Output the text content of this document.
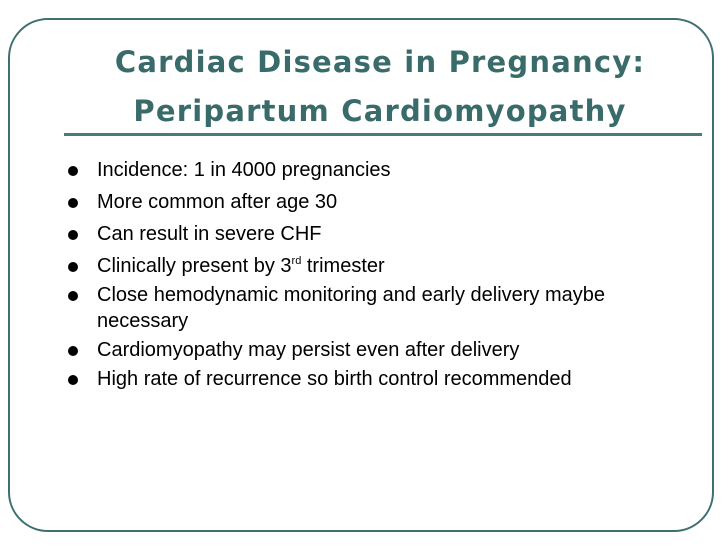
Cardiac Disease in Pregnancy:
Peripartum Cardiomyopathy
Incidence: 1 in 4000 pregnancies
More common after age 30
Can result in severe CHF
Clinically present by 3rd trimester
Close hemodynamic monitoring and early delivery maybe necessary
Cardiomyopathy may persist even after delivery
High rate of recurrence so birth control recommended
